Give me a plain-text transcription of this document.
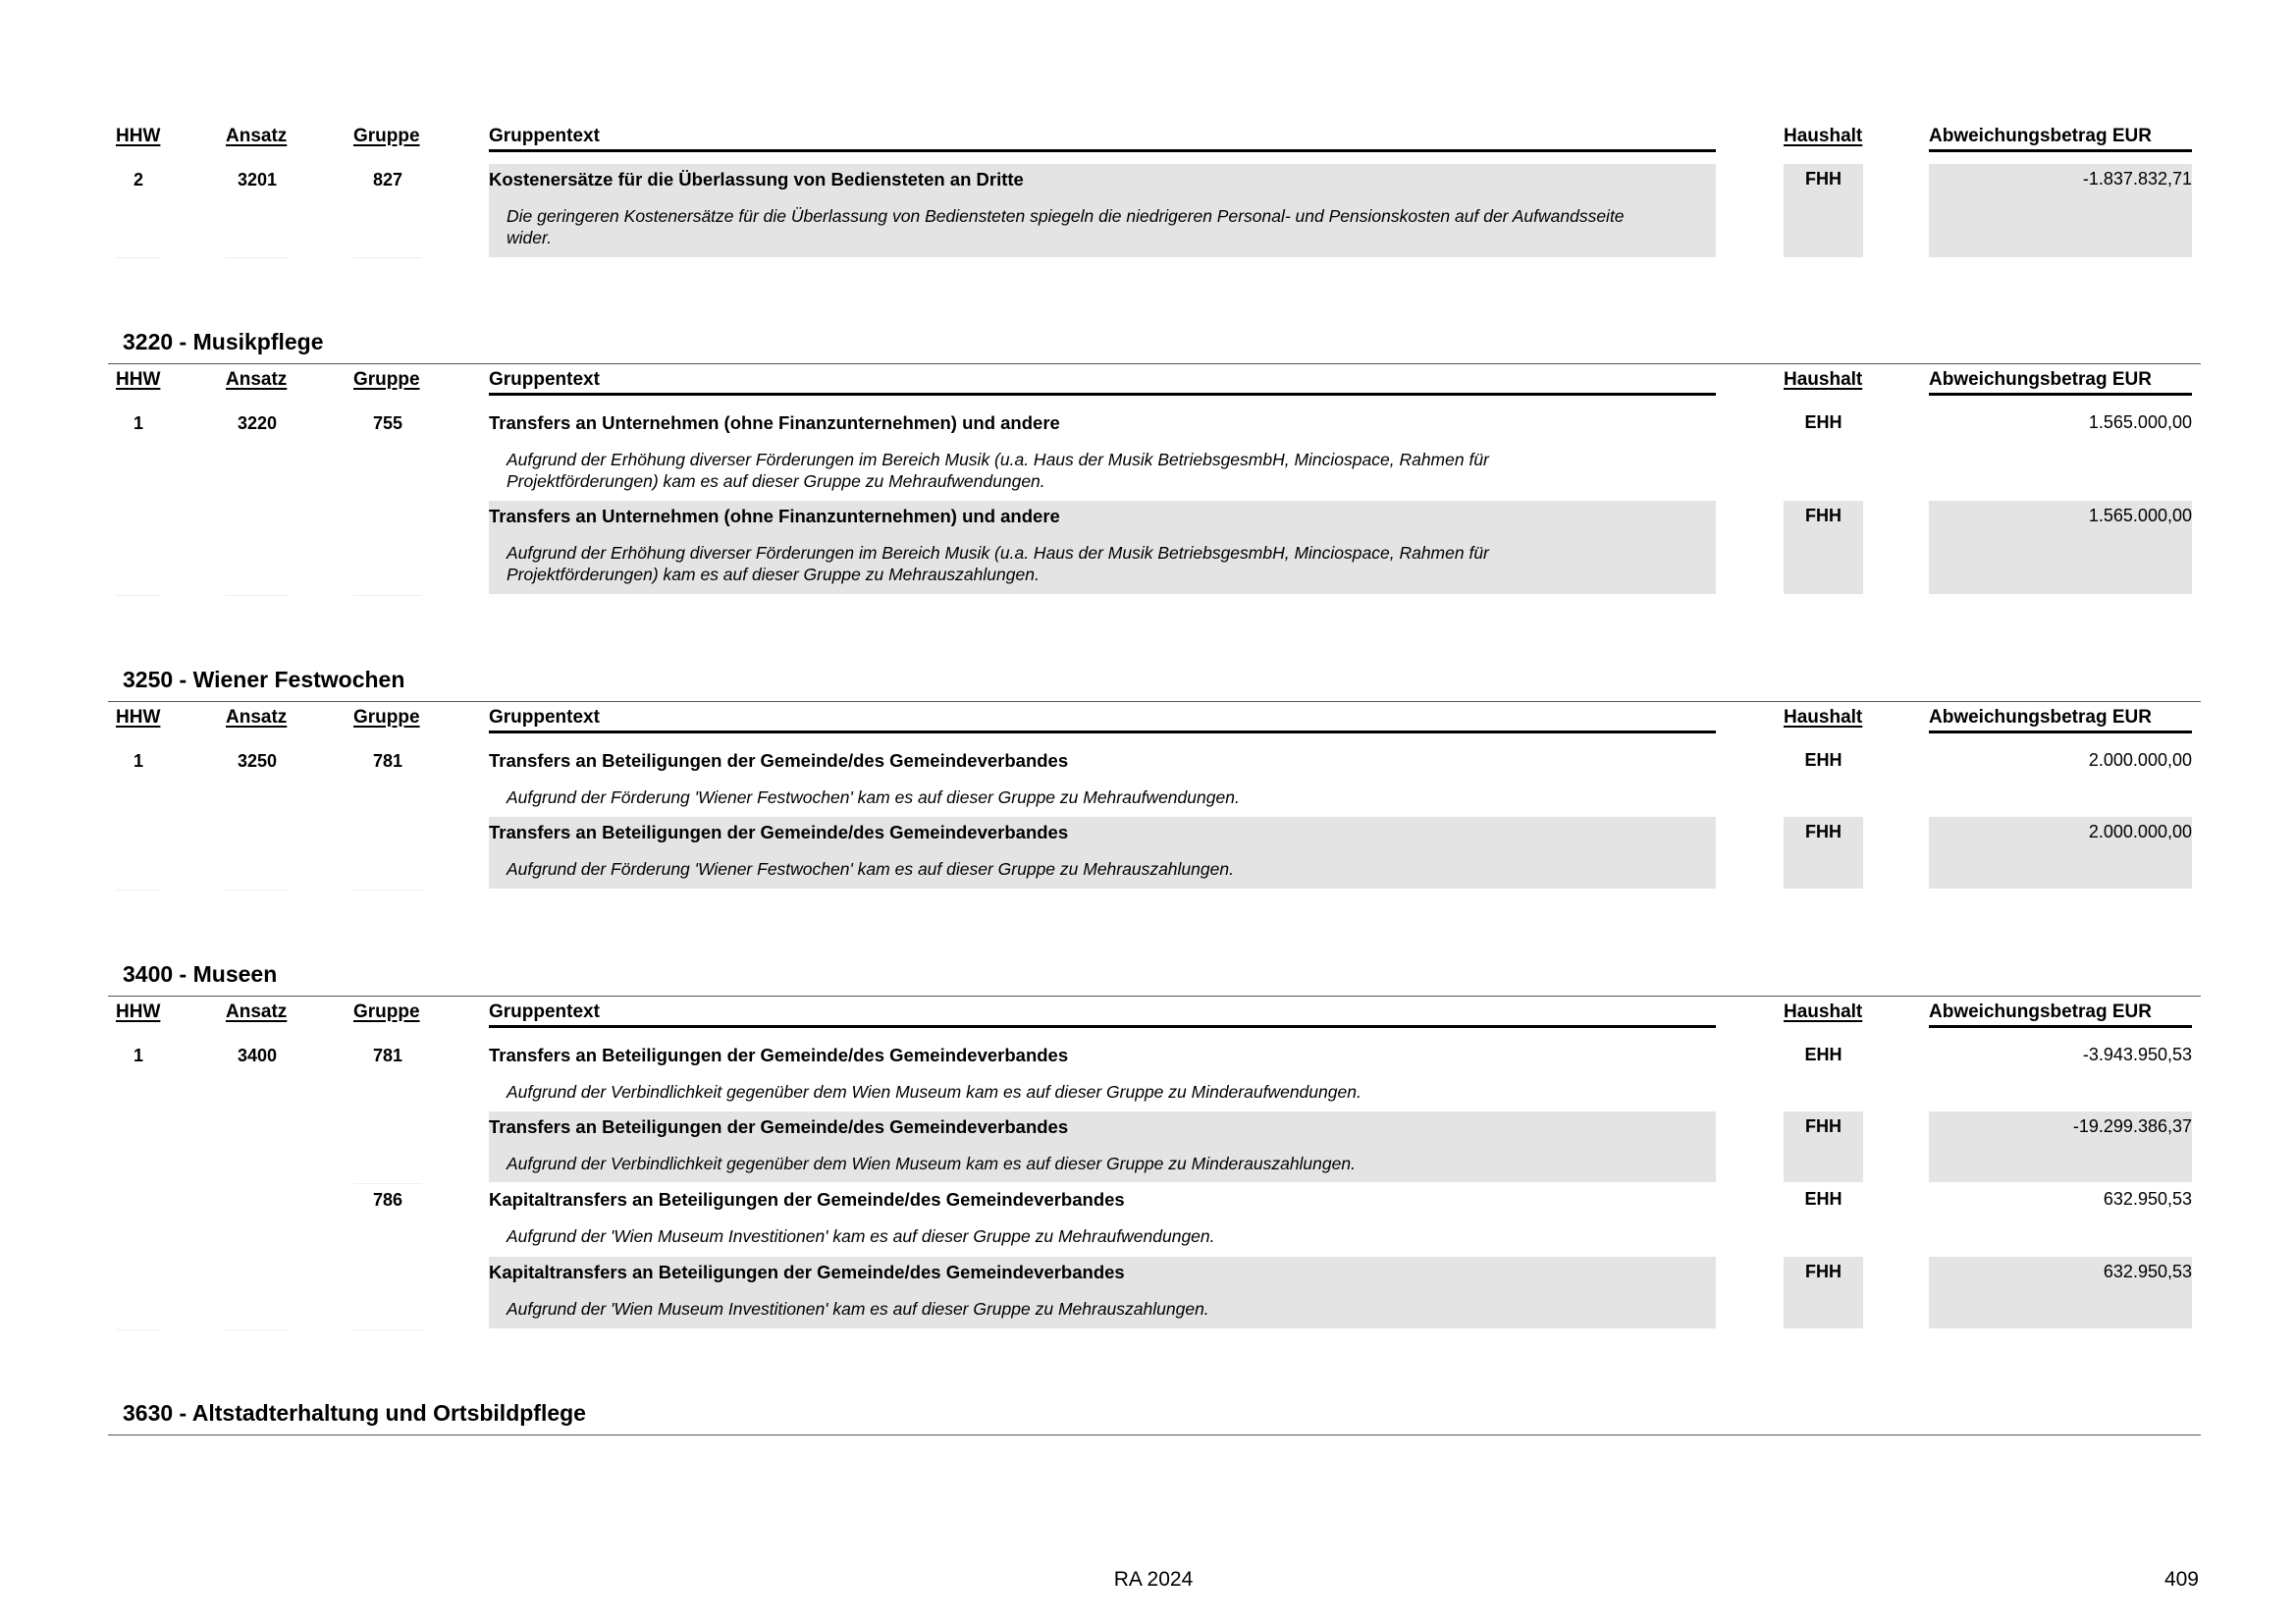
HHW	Ansatz	Gruppe	Gruppentext	Haushalt	Abweichungsbetrag EUR
2	3201	827	Kostenersätze für die Überlassung von Bediensteten an Dritte
Die geringeren Kostenersätze für die Überlassung von Bediensteten spiegeln die niedrigeren Personal- und Pensionskosten auf der Aufwandsseite wider.
FHH	-1.837.832,71
3220 - Musikpflege
HHW	Ansatz	Gruppe	Gruppentext	Haushalt	Abweichungsbetrag EUR
1	3220	755	Transfers an Unternehmen (ohne Finanzunternehmen) und andere
Aufgrund der Erhöhung diverser Förderungen im Bereich Musik (u.a. Haus der Musik BetriebsgesmbH, Minciospace, Rahmen für Projektförderungen) kam es auf dieser Gruppe zu Mehraufwendungen.
EHH	1.565.000,00
Transfers an Unternehmen (ohne Finanzunternehmen) und andere
Aufgrund der Erhöhung diverser Förderungen im Bereich Musik (u.a. Haus der Musik BetriebsgesmbH, Minciospace, Rahmen für Projektförderungen) kam es auf dieser Gruppe zu Mehrauszahlungen.
FHH	1.565.000,00
3250 - Wiener Festwochen
HHW	Ansatz	Gruppe	Gruppentext	Haushalt	Abweichungsbetrag EUR
1	3250	781	Transfers an Beteiligungen der Gemeinde/des Gemeindeverbandes
Aufgrund der Förderung 'Wiener Festwochen' kam es auf dieser Gruppe zu Mehraufwendungen.
EHH	2.000.000,00
Transfers an Beteiligungen der Gemeinde/des Gemeindeverbandes
Aufgrund der Förderung 'Wiener Festwochen' kam es auf dieser Gruppe zu Mehrauszahlungen.
FHH	2.000.000,00
3400 - Museen
HHW	Ansatz	Gruppe	Gruppentext	Haushalt	Abweichungsbetrag EUR
1	3400	781	Transfers an Beteiligungen der Gemeinde/des Gemeindeverbandes
Aufgrund der Verbindlichkeit gegenüber dem Wien Museum kam es auf dieser Gruppe zu Minderaufwendungen.
EHH	-3.943.950,53
Transfers an Beteiligungen der Gemeinde/des Gemeindeverbandes
Aufgrund der Verbindlichkeit gegenüber dem Wien Museum kam es auf dieser Gruppe zu Minderauszahlungen.
FHH	-19.299.386,37
786	Kapitaltransfers an Beteiligungen der Gemeinde/des Gemeindeverbandes
Aufgrund der 'Wien Museum Investitionen' kam es auf dieser Gruppe zu Mehraufwendungen.
EHH	632.950,53
Kapitaltransfers an Beteiligungen der Gemeinde/des Gemeindeverbandes
Aufgrund der 'Wien Museum Investitionen' kam es auf dieser Gruppe zu Mehrauszahlungen.
FHH	632.950,53
3630 - Altstadterhaltung und Ortsbildpflege
RA 2024	409
